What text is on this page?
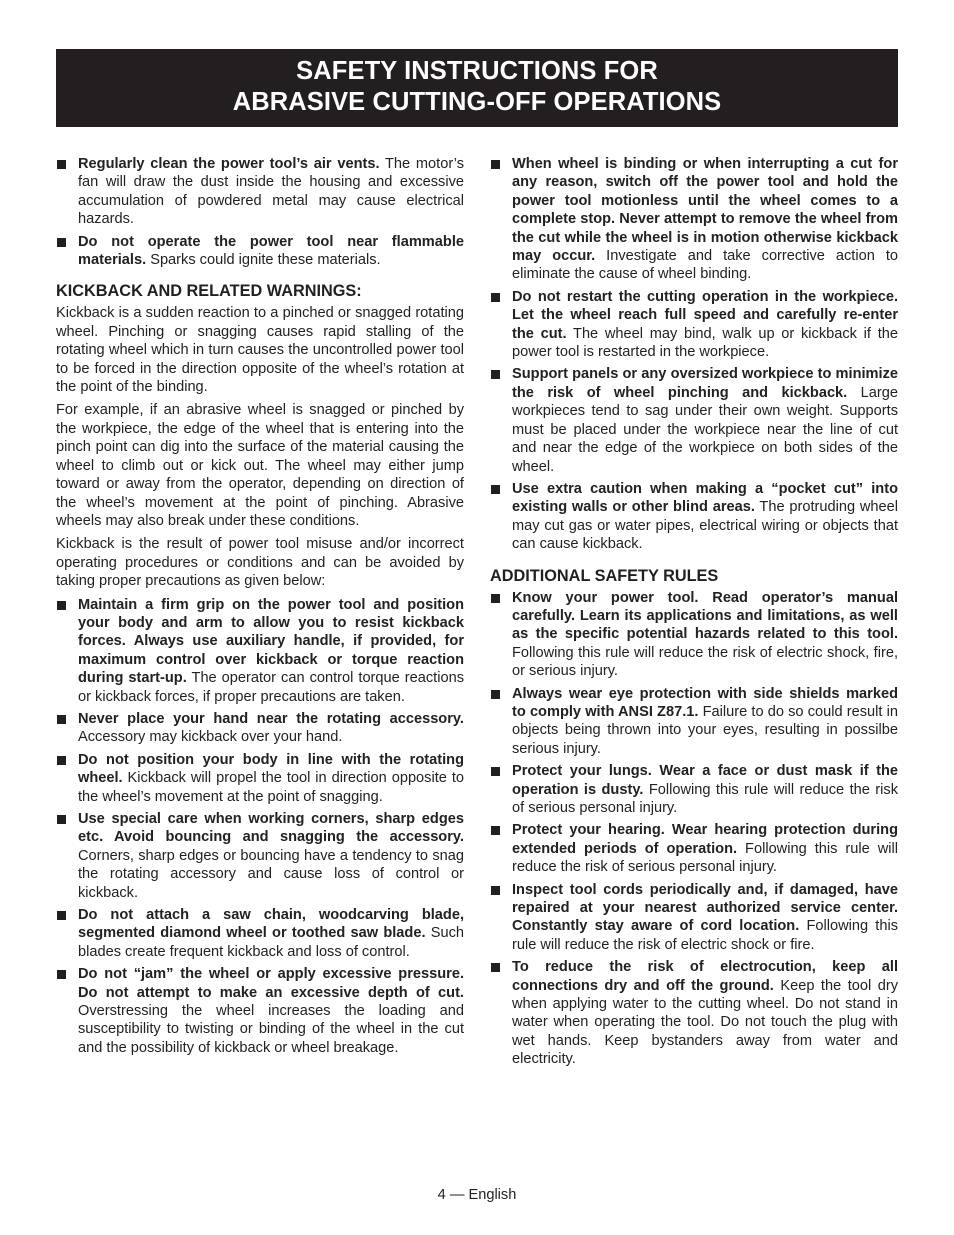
SAFETY INSTRUCTIONS FOR
ABRASIVE CUTTING-OFF OPERATIONS
Regularly clean the power tool’s air vents. The motor’s fan will draw the dust inside the housing and excessive accumulation of powdered metal may cause electrical hazards.
Do not operate the power tool near flammable materials. Sparks could ignite these materials.
KICKBACK AND RELATED WARNINGS:
Kickback is a sudden reaction to a pinched or snagged rotating wheel. Pinching or snagging causes rapid stalling of the rotating wheel which in turn causes the uncontrolled power tool to be forced in the direction opposite of the wheel’s rotation at the point of the binding.
For example, if an abrasive wheel is snagged or pinched by the workpiece, the edge of the wheel that is entering into the pinch point can dig into the surface of the material causing the wheel to climb out or kick out. The wheel may either jump toward or away from the operator, depending on direction of the wheel’s movement at the point of pinching. Abrasive wheels may also break under these conditions.
Kickback is the result of power tool misuse and/or incorrect operating procedures or conditions and can be avoided by taking proper precautions as given below:
Maintain a firm grip on the power tool and position your body and arm to allow you to resist kickback forces. Always use auxiliary handle, if provided, for maximum control over kickback or torque reaction during start-up. The operator can control torque reactions or kickback forces, if proper precautions are taken.
Never place your hand near the rotating accessory. Accessory may kickback over your hand.
Do not position your body in line with the rotating wheel. Kickback will propel the tool in direction opposite to the wheel’s movement at the point of snagging.
Use special care when working corners, sharp edges etc. Avoid bouncing and snagging the accessory. Corners, sharp edges or bouncing have a tendency to snag the rotating accessory and cause loss of control or kickback.
Do not attach a saw chain, woodcarving blade, segmented diamond wheel or toothed saw blade. Such blades create frequent kickback and loss of control.
Do not “jam” the wheel or apply excessive pressure. Do not attempt to make an excessive depth of cut. Overstressing the wheel increases the loading and susceptibility to twisting or binding of the wheel in the cut and the possibility of kickback or wheel breakage.
When wheel is binding or when interrupting a cut for any reason, switch off the power tool and hold the power tool motionless until the wheel comes to a complete stop. Never attempt to remove the wheel from the cut while the wheel is in motion otherwise kickback may occur. Investigate and take corrective action to eliminate the cause of wheel binding.
Do not restart the cutting operation in the workpiece. Let the wheel reach full speed and carefully re-enter the cut. The wheel may bind, walk up or kickback if the power tool is restarted in the workpiece.
Support panels or any oversized workpiece to minimize the risk of wheel pinching and kickback. Large workpieces tend to sag under their own weight. Supports must be placed under the workpiece near the line of cut and near the edge of the workpiece on both sides of the wheel.
Use extra caution when making a “pocket cut” into existing walls or other blind areas. The protruding wheel may cut gas or water pipes, electrical wiring or objects that can cause kickback.
ADDITIONAL SAFETY RULES
Know your power tool. Read operator’s manual carefully. Learn its applications and limitations, as well as the specific potential hazards related to this tool. Following this rule will reduce the risk of electric shock, fire, or serious injury.
Always wear eye protection with side shields marked to comply with ANSI Z87.1. Failure to do so could result in objects being thrown into your eyes, resulting in possilbe serious injury.
Protect your lungs. Wear a face or dust mask if the operation is dusty. Following this rule will reduce the risk of serious personal injury.
Protect your hearing. Wear hearing protection during extended periods of operation. Following this rule will reduce the risk of serious personal injury.
Inspect tool cords periodically and, if damaged, have repaired at your nearest authorized service center. Constantly stay aware of cord location. Following this rule will reduce the risk of electric shock or fire.
To reduce the risk of electrocution, keep all connections dry and off the ground. Keep the tool dry when applying water to the cutting wheel. Do not stand in water when operating the tool. Do not touch the plug with wet hands. Keep bystanders away from water and electricity.
4 — English
